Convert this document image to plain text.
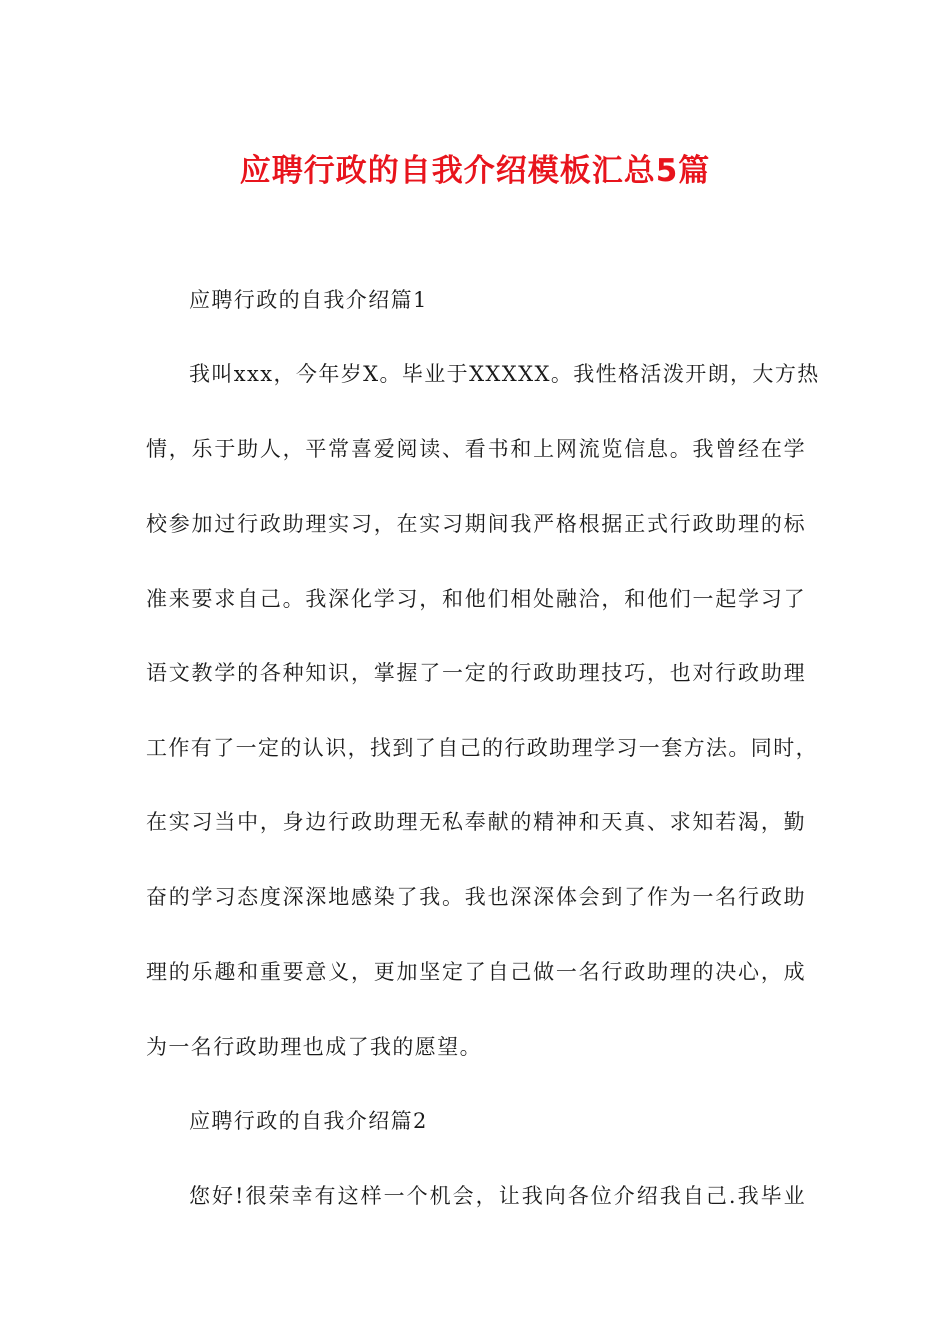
应聘行政的自我介绍模板汇总5篇
应聘行政的自我介绍篇1
我叫xxx，今年岁X。毕业于XXXXX。我性格活泼开朗，大方热
情，乐于助人，平常喜爱阅读、看书和上网流览信息。我曾经在学
校参加过行政助理实习，在实习期间我严格根据正式行政助理的标
准来要求自己。我深化学习，和他们相处融洽，和他们一起学习了
语文教学的各种知识，掌握了一定的行政助理技巧，也对行政助理
工作有了一定的认识，找到了自己的行政助理学习一套方法。同时，
在实习当中，身边行政助理无私奉献的精神和天真、求知若渴，勤
奋的学习态度深深地感染了我。我也深深体会到了作为一名行政助
理的乐趣和重要意义，更加坚定了自己做一名行政助理的决心，成
为一名行政助理也成了我的愿望。
应聘行政的自我介绍篇2
您好!很荣幸有这样一个机会，让我向各位介绍我自己.我毕业
